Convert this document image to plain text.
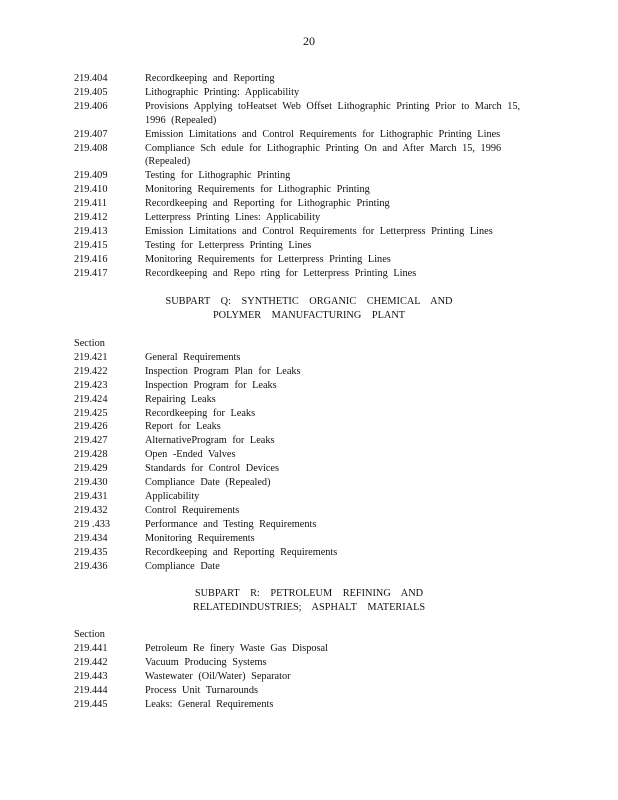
20
219.404	Recordkeeping and Reporting
219.405	Lithographic Printing: Applicability
219.406	Provisions Applying toHeatset Web Offset Lithographic Printing Prior to March 15, 1996 (Repealed)
219.407	Emission Limitations and Control Requirements for Lithographic Printing Lines
219.408	Compliance Sch edule for Lithographic Printing On and After March 15, 1996 (Repealed)
219.409	Testing for Lithographic Printing
219.410	Monitoring Requirements for Lithographic Printing
219.411	Recordkeeping and Reporting for Lithographic Printing
219.412	Letterpress Printing Lines: Applicability
219.413	Emission Limitations and Control Requirements for Letterpress Printing Lines
219.415	Testing for Letterpress Printing Lines
219.416	Monitoring Requirements for Letterpress Printing Lines
219.417	Recordkeeping and Repo rting for Letterpress Printing Lines
SUBPART Q: SYNTHETIC ORGANIC CHEMICAL AND
POLYMER MANUFACTURING PLANT
Section
219.421	General Requirements
219.422	Inspection Program Plan for Leaks
219.423	Inspection Program for Leaks
219.424	Repairing Leaks
219.425	Recordkeeping for Leaks
219.426	Report for Leaks
219.427	AlternativeProgram for Leaks
219.428	Open -Ended Valves
219.429	Standards for Control Devices
219.430	Compliance Date (Repealed)
219.431	Applicability
219.432	Control Requirements
219 .433	Performance and Testing Requirements
219.434	Monitoring Requirements
219.435	Recordkeeping and Reporting Requirements
219.436	Compliance Date
SUBPART R: PETROLEUM REFINING AND
RELATEDINDUSTRIES; ASPHALT MATERIALS
Section
219.441	Petroleum Re finery Waste Gas Disposal
219.442	Vacuum Producing Systems
219.443	Wastewater (Oil/Water) Separator
219.444	Process Unit Turnarounds
219.445	Leaks: General Requirements
